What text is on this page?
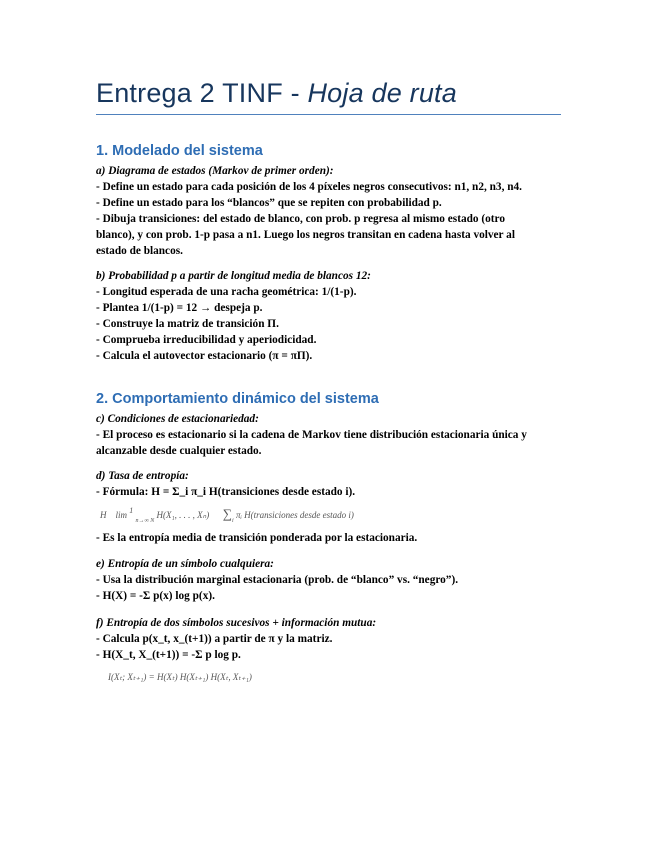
Entrega 2 TINF - Hoja de ruta
1. Modelado del sistema
a) Diagrama de estados (Markov de primer orden):
- Define un estado para cada posición de los 4 píxeles negros consecutivos: n1, n2, n3, n4.
- Define un estado para los “blancos” que se repiten con probabilidad p.
- Dibuja transiciones: del estado de blanco, con prob. p regresa al mismo estado (otro
blanco), y con prob. 1-p pasa a n1. Luego los negros transitan en cadena hasta volver al
estado de blancos.
b) Probabilidad p a partir de longitud media de blancos 12:
- Longitud esperada de una racha geométrica: 1/(1-p).
- Plantea 1/(1-p) = 12 → despeja p.
- Construye la matriz de transición Π.
- Comprueba irreducibilidad y aperiodicidad.
- Calcula el autovector estacionario (π = πΠ).
2. Comportamiento dinámico del sistema
c) Condiciones de estacionariedad:
- El proceso es estacionario si la cadena de Markov tiene distribución estacionaria única y
alcanzable desde cualquier estado.
d) Tasa de entropía:
- Fórmula: H = Σ_i π_i H(transiciones desde estado i).
H lim 1 $_{n\to\infty N}$ H(X₁, . . . , Xₙ) $\sum_i$ πᵢ H(transiciones desde estado i)
- Es la entropía media de transición ponderada por la estacionaria.
e) Entropía de un símbolo cualquiera:
- Usa la distribución marginal estacionaria (prob. de “blanco” vs. “negro”).
- H(X) = -Σ p(x) log p(x).
f) Entropía de dos símbolos sucesivos + información mutua:
- Calcula p(x_t, x_(t+1)) a partir de π y la matriz.
- H(X_t, X_(t+1)) = -Σ p log p.
I(Xₜ; Xₜ₊₁) = H(Xₜ) H(Xₜ₊₁) H(Xₜ, Xₜ₊₁)
